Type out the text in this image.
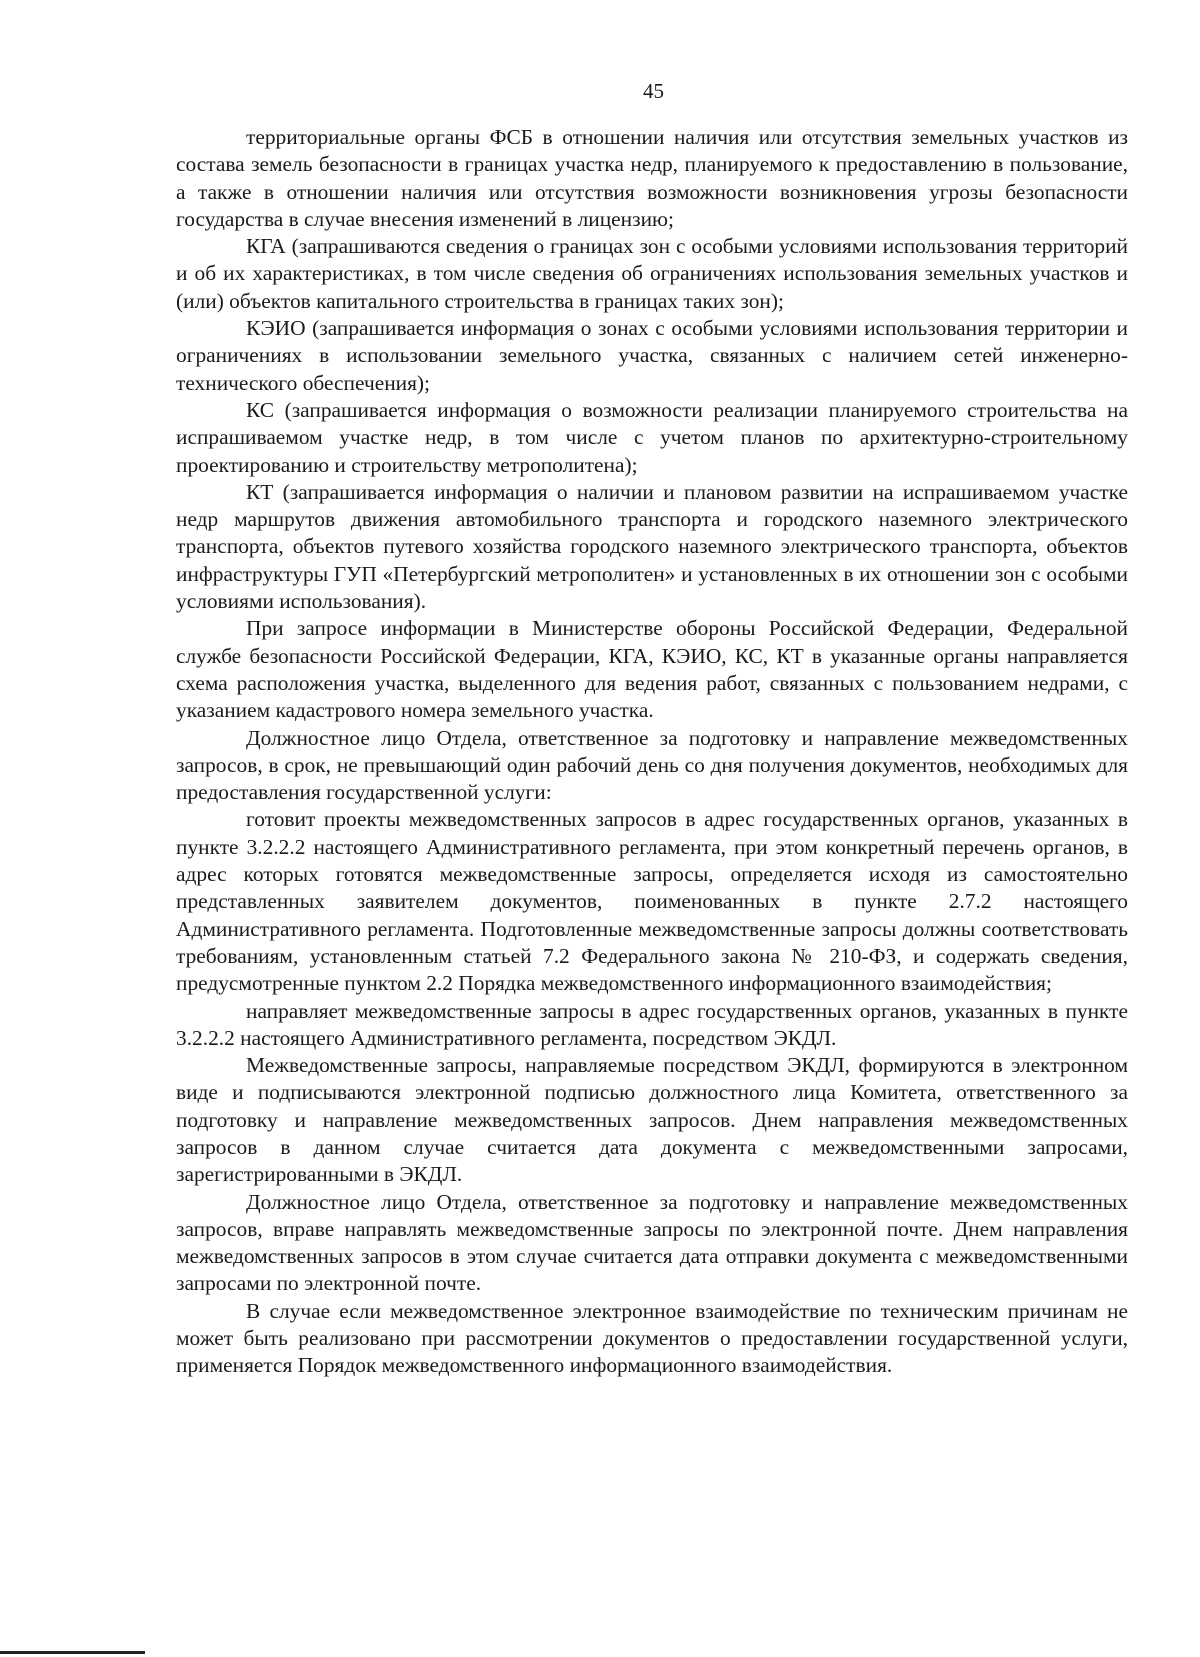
45

территориальные органы ФСБ в отношении наличия или отсутствия земельных участков из состава земель безопасности в границах участка недр, планируемого к предоставлению в пользование, а также в отношении наличия или отсутствия возможности возникновения угрозы безопасности государства в случае внесения изменений в лицензию;

КГА (запрашиваются сведения о границах зон с особыми условиями использования территорий и об их характеристиках, в том числе сведения об ограничениях использования земельных участков и (или) объектов капитального строительства в границах таких зон);

КЭИО (запрашивается информация о зонах с особыми условиями использования территории и ограничениях в использовании земельного участка, связанных с наличием сетей инженерно-технического обеспечения);

КС (запрашивается информация о возможности реализации планируемого строительства на испрашиваемом участке недр, в том числе с учетом планов по архитектурно-строительному проектированию и строительству метрополитена);

КТ (запрашивается информация о наличии и плановом развитии на испрашиваемом участке недр маршрутов движения автомобильного транспорта и городского наземного электрического транспорта, объектов путевого хозяйства городского наземного электрического транспорта, объектов инфраструктуры ГУП «Петербургский метрополитен» и установленных в их отношении зон с особыми условиями использования).

При запросе информации в Министерстве обороны Российской Федерации, Федеральной службе безопасности Российской Федерации, КГА, КЭИО, КС, КТ в указанные органы направляется схема расположения участка, выделенного для ведения работ, связанных с пользованием недрами, с указанием кадастрового номера земельного участка.

Должностное лицо Отдела, ответственное за подготовку и направление межведомственных запросов, в срок, не превышающий один рабочий день со дня получения документов, необходимых для предоставления государственной услуги:

готовит проекты межведомственных запросов в адрес государственных органов, указанных в пункте 3.2.2.2 настоящего Административного регламента, при этом конкретный перечень органов, в адрес которых готовятся межведомственные запросы, определяется исходя из самостоятельно представленных заявителем документов, поименованных в пункте 2.7.2 настоящего Административного регламента. Подготовленные межведомственные запросы должны соответствовать требованиям, установленным статьей 7.2 Федерального закона № 210-ФЗ, и содержать сведения, предусмотренные пунктом 2.2 Порядка межведомственного информационного взаимодействия;

направляет межведомственные запросы в адрес государственных органов, указанных в пункте 3.2.2.2 настоящего Административного регламента, посредством ЭКДЛ.

Межведомственные запросы, направляемые посредством ЭКДЛ, формируются в электронном виде и подписываются электронной подписью должностного лица Комитета, ответственного за подготовку и направление межведомственных запросов. Днем направления межведомственных запросов в данном случае считается дата документа с межведомственными запросами, зарегистрированными в ЭКДЛ.

Должностное лицо Отдела, ответственное за подготовку и направление межведомственных запросов, вправе направлять межведомственные запросы по электронной почте. Днем направления межведомственных запросов в этом случае считается дата отправки документа с межведомственными запросами по электронной почте.

В случае если межведомственное электронное взаимодействие по техническим причинам не может быть реализовано при рассмотрении документов о предоставлении государственной услуги, применяется Порядок межведомственного информационного взаимодействия.
